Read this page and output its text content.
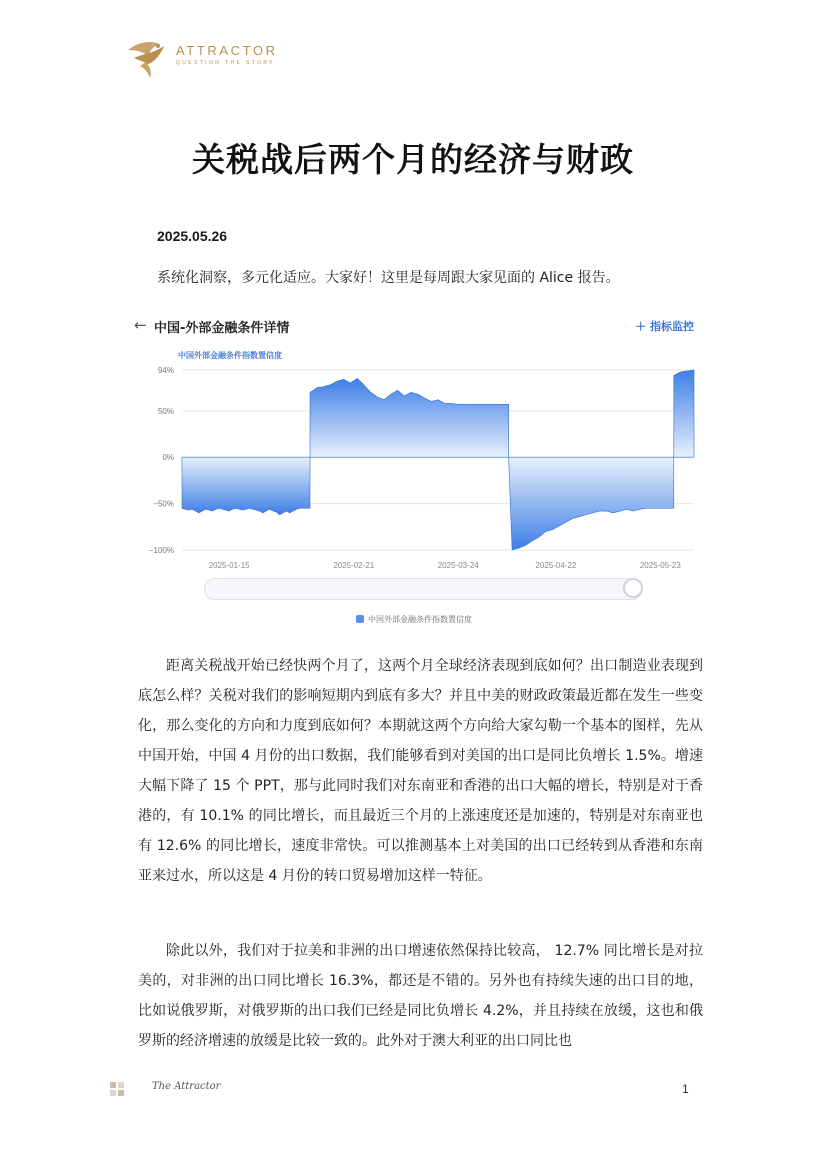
ATTRACTOR
QUESTION THE STORY
关税战后两个月的经济与财政
2025.05.26
系统化洞察，多元化适应。大家好！这里是每周跟大家见面的 Alice 报告。
← 中国-外部金融条件详情	＋ 指标监控
中国外部金融条件指数置信度
94%
50%
0%
−50%
−100%
2025-01-15	2025-02-21	2025-03-24	2025-04-22	2025-05-23
中国外部金融条件指数置信度
距离关税战开始已经快两个月了，这两个月全球经济表现到底如何？出口制造业表现到底怎么样？关税对我们的影响短期内到底有多大？并且中美的财政政策最近都在发生一些变化，那么变化的方向和力度到底如何？本期就这两个方向给大家勾勒一个基本的图样，先从中国开始，中国 4 月份的出口数据，我们能够看到对美国的出口是同比负增长 1.5%。增速大幅下降了 15 个 PPT，那与此同时我们对东南亚和香港的出口大幅的增长，特别是对于香港的，有 10.1% 的同比增长，而且最近三个月的上涨速度还是加速的，特别是对东南亚也有 12.6% 的同比增长，速度非常快。可以推测基本上对美国的出口已经转到从香港和东南亚来过水，所以这是 4 月份的转口贸易增加这样一特征。
除此以外，我们对于拉美和非洲的出口增速依然保持比较高， 12.7% 同比增长是对拉美的，对非洲的出口同比增长 16.3%，都还是不错的。另外也有持续失速的出口目的地，比如说俄罗斯，对俄罗斯的出口我们已经是同比负增长 4.2%，并且持续在放缓，这也和俄罗斯的经济增速的放缓是比较一致的。此外对于澳大利亚的出口同比也
The Attractor	1
